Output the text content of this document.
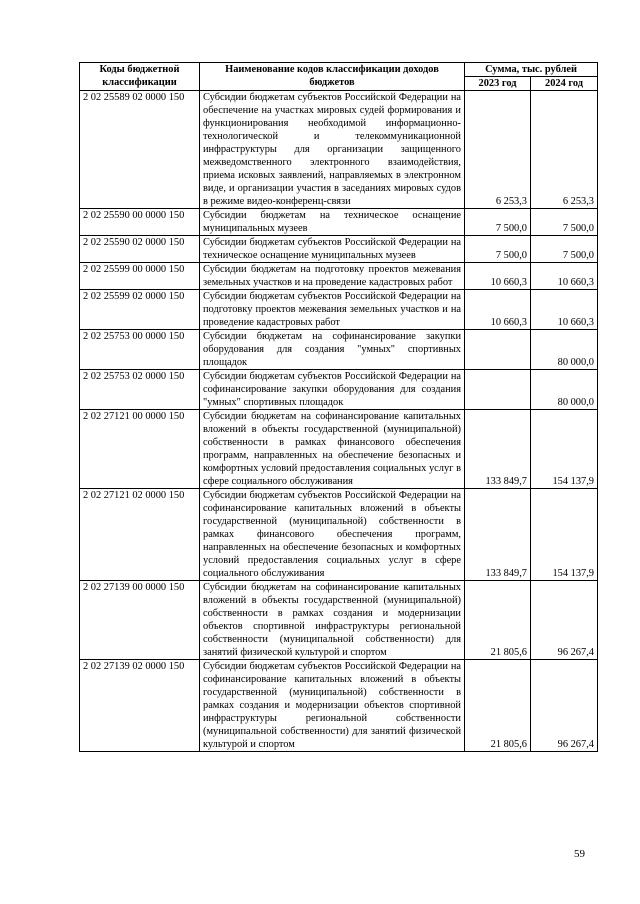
Коды бюджетной классификации	Наименование кодов классификации доходов бюджетов	Сумма, тыс. рублей	
		2023 год	2024 год
2 02 25589 02 0000 150	Субсидии бюджетам субъектов Российской Федерации на обеспечение на участках мировых судей формирования и функционирования необходимой информационно-технологической и телекоммуникационной инфраструктуры для организации защищенного межведомственного электронного взаимодействия, приема исковых заявлений, направляемых в электронном виде, и организации участия в заседаниях мировых судов в режиме видео-конференц-связи	6 253,3	6 253,3
2 02 25590 00 0000 150	Субсидии бюджетам на техническое оснащение муниципальных музеев	7 500,0	7 500,0
2 02 25590 02 0000 150	Субсидии бюджетам субъектов Российской Федерации на техническое оснащение муниципальных музеев	7 500,0	7 500,0
2 02 25599 00 0000 150	Субсидии бюджетам на подготовку проектов межевания земельных участков и на проведение кадастровых работ	10 660,3	10 660,3
2 02 25599 02 0000 150	Субсидии бюджетам субъектов Российской Федерации на подготовку проектов межевания земельных участков и на проведение кадастровых работ	10 660,3	10 660,3
2 02 25753 00 0000 150	Субсидии бюджетам на софинансирование закупки оборудования для создания "умных" спортивных площадок		80 000,0
2 02 25753 02 0000 150	Субсидии бюджетам субъектов Российской Федерации на софинансирование закупки оборудования для создания "умных" спортивных площадок		80 000,0
2 02 27121 00 0000 150	Субсидии бюджетам на софинансирование капитальных вложений в объекты государственной (муниципальной) собственности в рамках финансового обеспечения программ, направленных на обеспечение безопасных и комфортных условий предоставления социальных услуг в сфере социального обслуживания	133 849,7	154 137,9
2 02 27121 02 0000 150	Субсидии бюджетам субъектов Российской Федерации на софинансирование капитальных вложений в объекты государственной (муниципальной) собственности в рамках финансового обеспечения программ, направленных на обеспечение безопасных и комфортных условий предоставления социальных услуг в сфере социального обслуживания	133 849,7	154 137,9
2 02 27139 00 0000 150	Субсидии бюджетам на софинансирование капитальных вложений в объекты государственной (муниципальной) собственности в рамках создания и модернизации объектов спортивной инфраструктуры региональной собственности (муниципальной собственности) для занятий физической культурой и спортом	21 805,6	96 267,4
2 02 27139 02 0000 150	Субсидии бюджетам субъектов Российской Федерации на софинансирование капитальных вложений в объекты государственной (муниципальной) собственности в рамках создания и модернизации объектов спортивной инфраструктуры региональной собственности (муниципальной собственности) для занятий физической культурой и спортом	21 805,6	96 267,4
59
